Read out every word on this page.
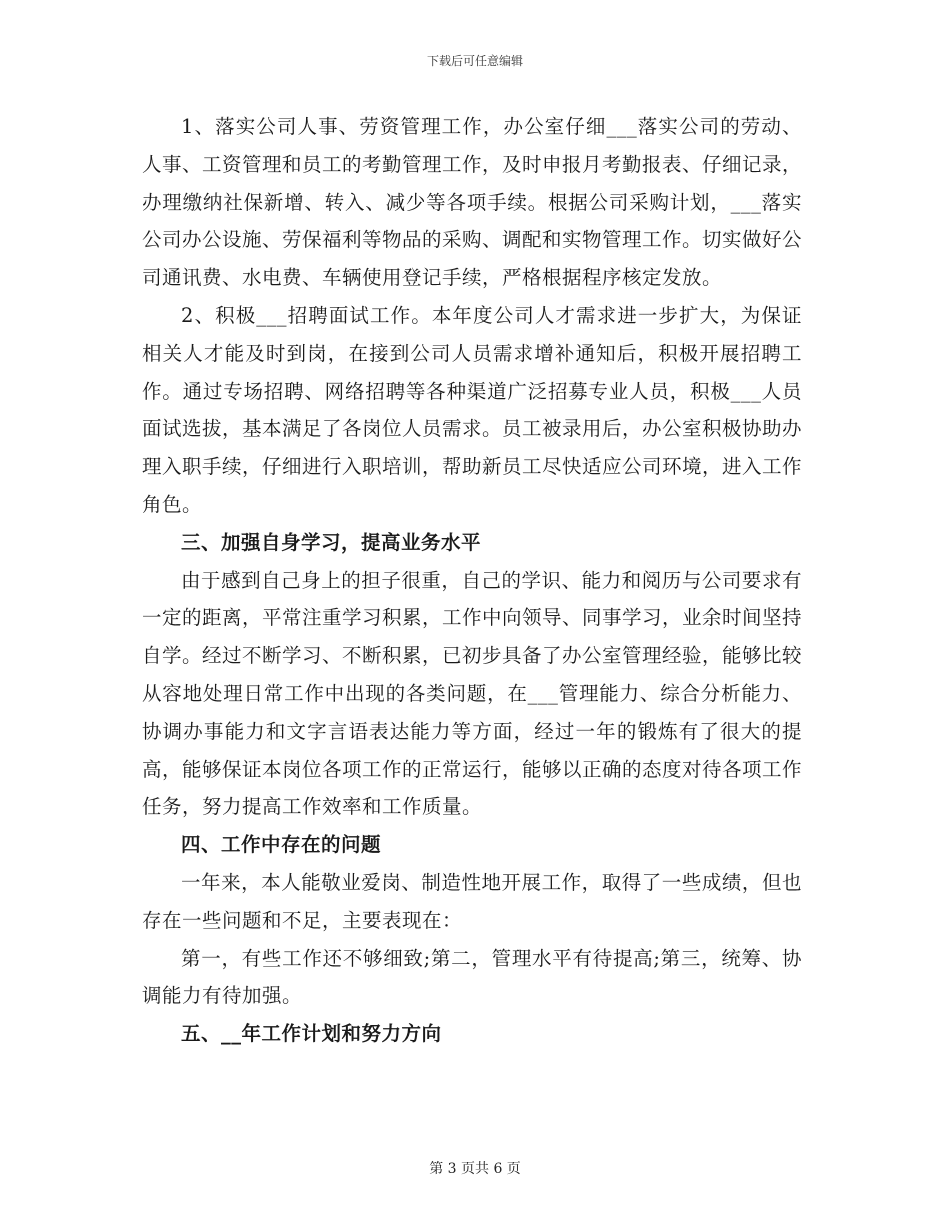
下载后可任意编辑

1、落实公司人事、劳资管理工作，办公室仔细___落实公司的劳动、人事、工资管理和员工的考勤管理工作，及时申报月考勤报表、仔细记录，办理缴纳社保新增、转入、减少等各项手续。根据公司采购计划，___落实公司办公设施、劳保福利等物品的采购、调配和实物管理工作。切实做好公司通讯费、水电费、车辆使用登记手续，严格根据程序核定发放。

2、积极___招聘面试工作。本年度公司人才需求进一步扩大，为保证相关人才能及时到岗，在接到公司人员需求增补通知后，积极开展招聘工作。通过专场招聘、网络招聘等各种渠道广泛招募专业人员，积极___人员面试选拔，基本满足了各岗位人员需求。员工被录用后，办公室积极协助办理入职手续，仔细进行入职培训，帮助新员工尽快适应公司环境，进入工作角色。

三、加强自身学习，提高业务水平

由于感到自己身上的担子很重，自己的学识、能力和阅历与公司要求有一定的距离，平常注重学习积累，工作中向领导、同事学习，业余时间坚持自学。经过不断学习、不断积累，已初步具备了办公室管理经验，能够比较从容地处理日常工作中出现的各类问题，在___管理能力、综合分析能力、协调办事能力和文字言语表达能力等方面，经过一年的锻炼有了很大的提高，能够保证本岗位各项工作的正常运行，能够以正确的态度对待各项工作任务，努力提高工作效率和工作质量。

四、工作中存在的问题

一年来，本人能敬业爱岗、制造性地开展工作，取得了一些成绩，但也存在一些问题和不足，主要表现在：

第一，有些工作还不够细致;第二，管理水平有待提高;第三，统筹、协调能力有待加强。

五、__年工作计划和努力方向

第 3 页共 6 页
